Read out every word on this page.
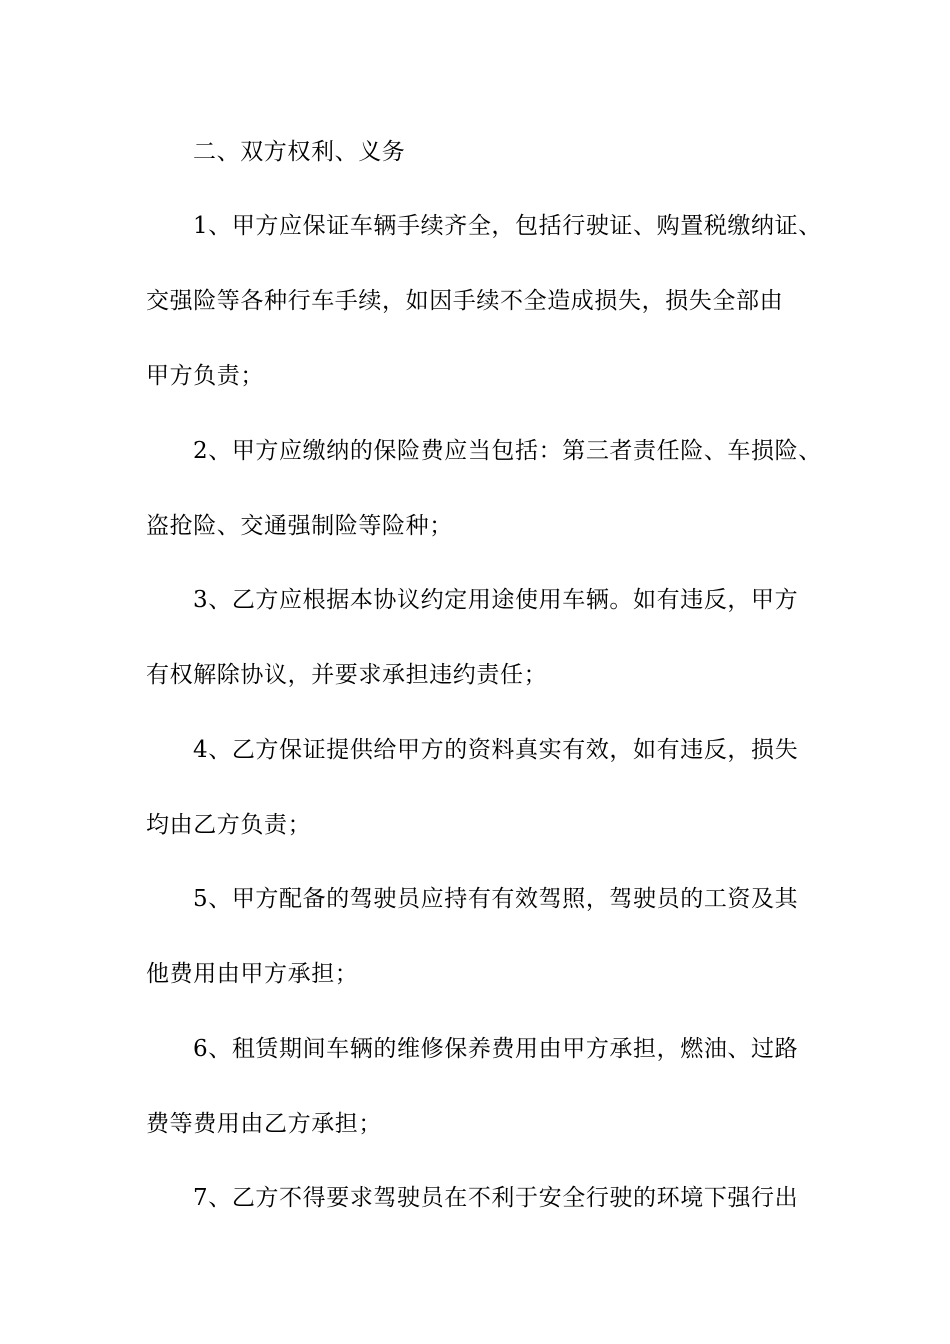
二、双方权利、义务
1、甲方应保证车辆手续齐全，包括行驶证、购置税缴纳证、
交强险等各种行车手续，如因手续不全造成损失，损失全部由
甲方负责；
2、甲方应缴纳的保险费应当包括：第三者责任险、车损险、
盗抢险、交通强制险等险种；
3、乙方应根据本协议约定用途使用车辆。如有违反，甲方
有权解除协议，并要求承担违约责任；
4、乙方保证提供给甲方的资料真实有效，如有违反，损失
均由乙方负责；
5、甲方配备的驾驶员应持有有效驾照，驾驶员的工资及其
他费用由甲方承担；
6、租赁期间车辆的维修保养费用由甲方承担，燃油、过路
费等费用由乙方承担；
7、乙方不得要求驾驶员在不利于安全行驶的环境下强行出
